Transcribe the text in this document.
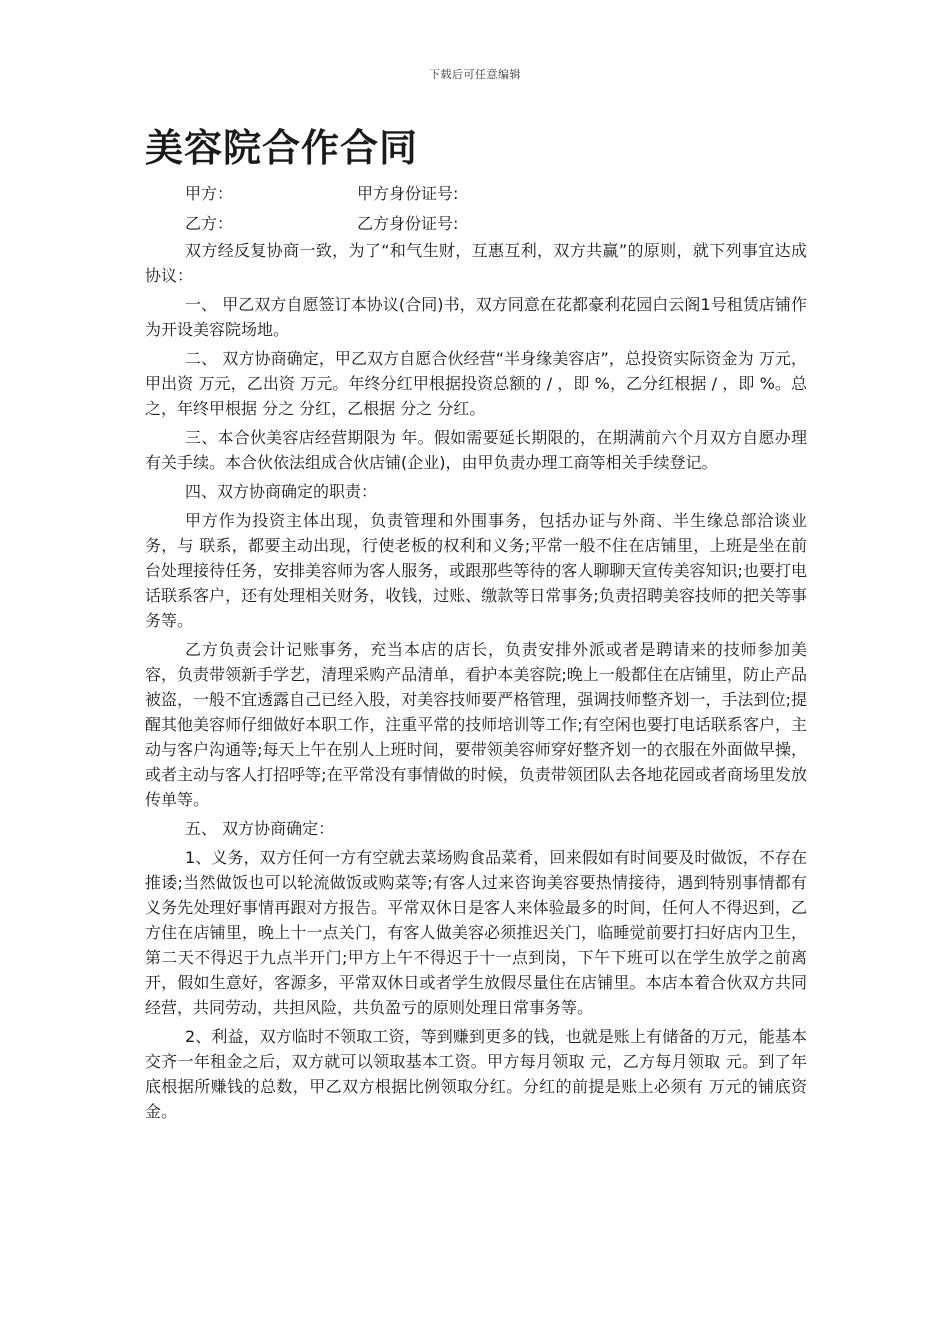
下载后可任意编辑
美容院合作合同
甲方：	甲方身份证号:
乙方：	乙方身份证号:

双方经反复协商一致，为了“和气生财，互惠互利，双方共赢”的原则，就下列事宜达成协议：

一、 甲乙双方自愿签订本协议(合同)书，双方同意在花都豪利花园白云阁1号租赁店铺作为开设美容院场地。

二、 双方协商确定，甲乙双方自愿合伙经营“半身缘美容店”，总投资实际资金为 万元，甲出资 万元，乙出资 万元。年终分红甲根据投资总额的 / ，即 %，乙分红根据 / ，即 %。总之，年终甲根据 分之 分红，乙根据 分之 分红。

三、本合伙美容店经营期限为 年。假如需要延长期限的，在期满前六个月双方自愿办理有关手续。本合伙依法组成合伙店铺(企业)，由甲负责办理工商等相关手续登记。

四、双方协商确定的职责：

甲方作为投资主体出现，负责管理和外围事务，包括办证与外商、半生缘总部洽谈业务，与 联系，都要主动出现，行使老板的权利和义务;平常一般不住在店铺里，上班是坐在前台处理接待任务，安排美容师为客人服务，或跟那些等待的客人聊聊天宣传美容知识;也要打电话联系客户，还有处理相关财务，收钱，过账、缴款等日常事务;负责招聘美容技师的把关等事务等。

乙方负责会计记账事务，充当本店的店长，负责安排外派或者是聘请来的技师参加美容，负责带领新手学艺，清理采购产品清单，看护本美容院;晚上一般都住在店铺里，防止产品被盗，一般不宜透露自己已经入股，对美容技师要严格管理，强调技师整齐划一，手法到位;提醒其他美容师仔细做好本职工作，注重平常的技师培训等工作;有空闲也要打电话联系客户，主动与客户沟通等;每天上午在别人上班时间，要带领美容师穿好整齐划一的衣服在外面做早操，或者主动与客人打招呼等;在平常没有事情做的时候，负责带领团队去各地花园或者商场里发放传单等。

五、 双方协商确定：

1、义务，双方任何一方有空就去菜场购食品菜肴，回来假如有时间要及时做饭，不存在推诿;当然做饭也可以轮流做饭或购菜等;有客人过来咨询美容要热情接待，遇到特别事情都有义务先处理好事情再跟对方报告。平常双休日是客人来体验最多的时间，任何人不得迟到，乙方住在店铺里，晚上十一点关门，有客人做美容必须推迟关门，临睡觉前要打扫好店内卫生，第二天不得迟于九点半开门;甲方上午不得迟于十一点到岗，下午下班可以在学生放学之前离开，假如生意好，客源多，平常双休日或者学生放假尽量住在店铺里。本店本着合伙双方共同经营，共同劳动，共担风险，共负盈亏的原则处理日常事务等。

2、利益，双方临时不领取工资，等到赚到更多的钱，也就是账上有储备的万元，能基本交齐一年租金之后，双方就可以领取基本工资。甲方每月领取 元，乙方每月领取 元。到了年底根据所赚钱的总数，甲乙双方根据比例领取分红。分红的前提是账上必须有 万元的铺底资金。
